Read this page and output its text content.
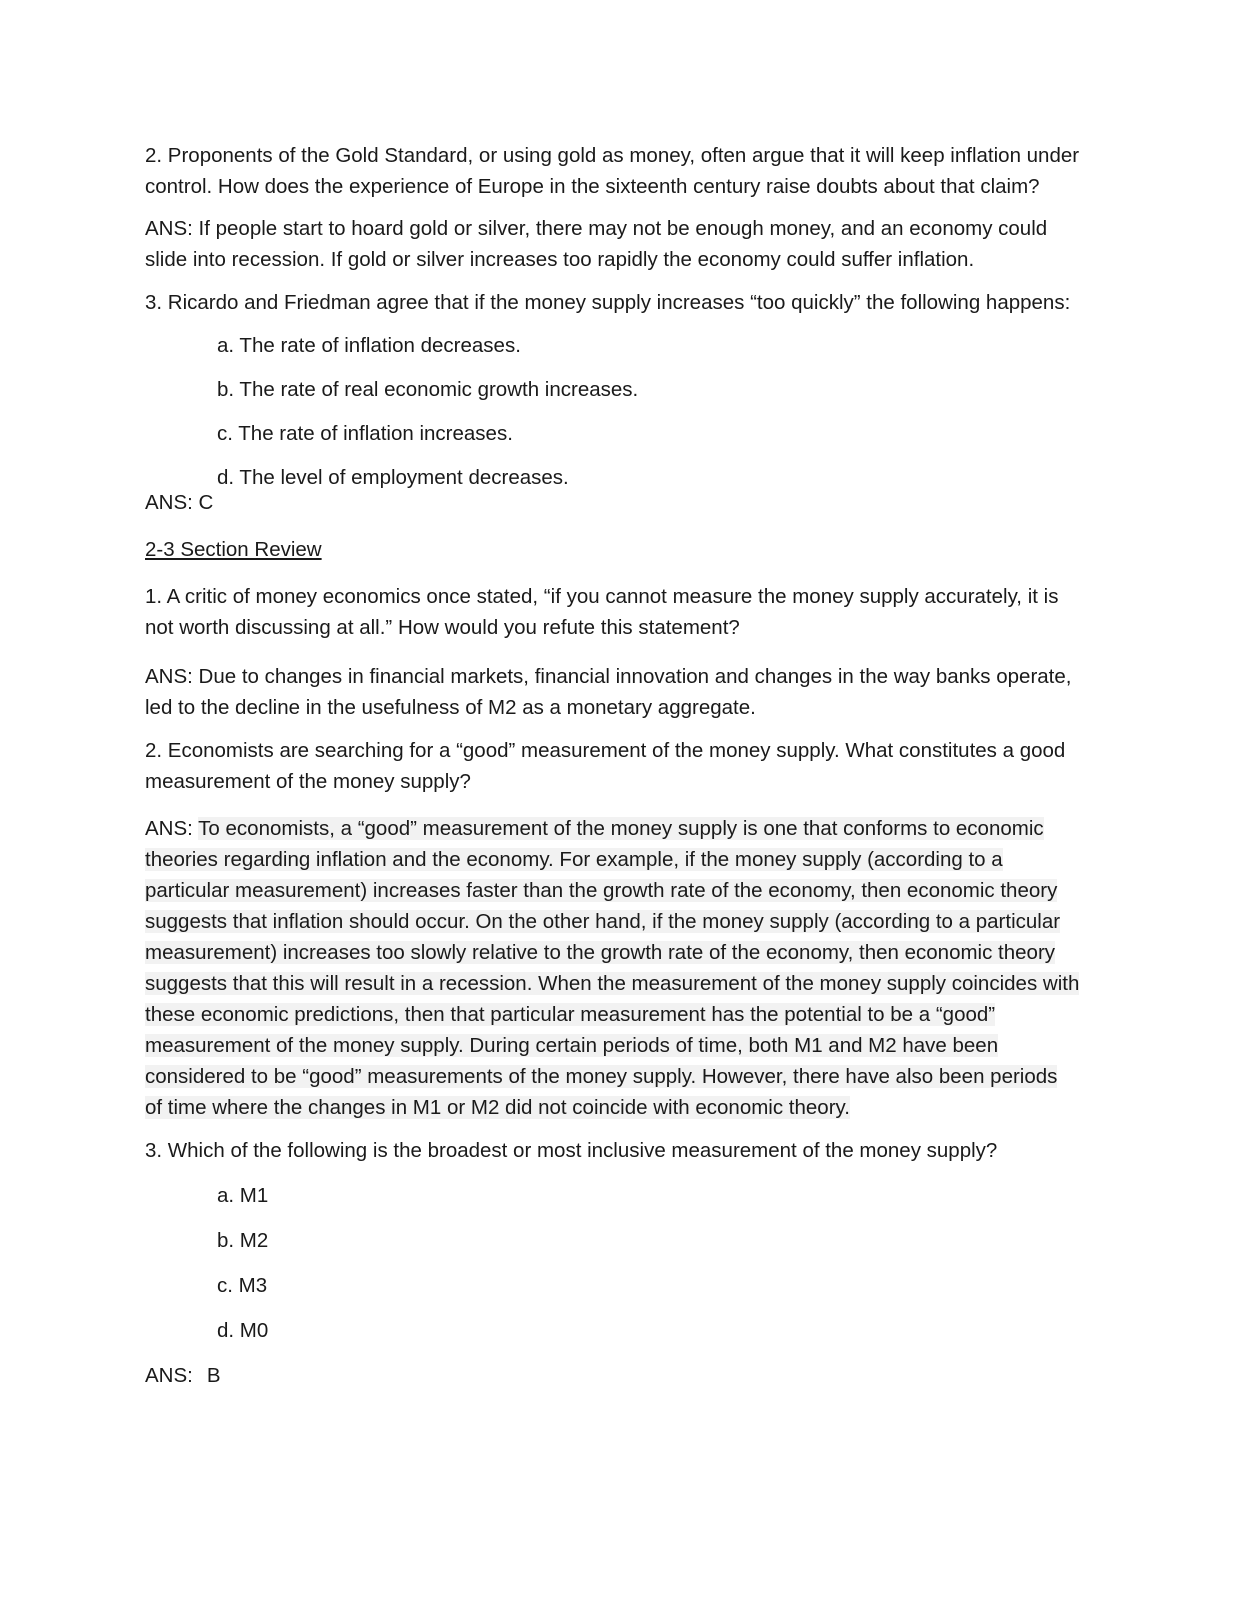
2. Proponents of the Gold Standard, or using gold as money, often argue that it will keep inflation under control. How does the experience of Europe in the sixteenth century raise doubts about that claim?

ANS: If people start to hoard gold or silver, there may not be enough money, and an economy could slide into recession. If gold or silver increases too rapidly the economy could suffer inflation.

3. Ricardo and Friedman agree that if the money supply increases “too quickly” the following happens:

a. The rate of inflation decreases.

b. The rate of real economic growth increases.

c. The rate of inflation increases.

d. The level of employment decreases.

ANS: C

2-3 Section Review

1. A critic of money economics once stated, “if you cannot measure the money supply accurately, it is not worth discussing at all.” How would you refute this statement?

ANS: Due to changes in financial markets, financial innovation and changes in the way banks operate, led to the decline in the usefulness of M2 as a monetary aggregate.

2. Economists are searching for a “good” measurement of the money supply. What constitutes a good measurement of the money supply?

ANS: To economists, a “good” measurement of the money supply is one that conforms to economic theories regarding inflation and the economy. For example, if the money supply (according to a particular measurement) increases faster than the growth rate of the economy, then economic theory suggests that inflation should occur. On the other hand, if the money supply (according to a particular measurement) increases too slowly relative to the growth rate of the economy, then economic theory suggests that this will result in a recession. When the measurement of the money supply coincides with these economic predictions, then that particular measurement has the potential to be a “good” measurement of the money supply. During certain periods of time, both M1 and M2 have been considered to be “good” measurements of the money supply. However, there have also been periods of time where the changes in M1 or M2 did not coincide with economic theory.

3. Which of the following is the broadest or most inclusive measurement of the money supply?

a. M1

b. M2

c. M3

d. M0

ANS: B
